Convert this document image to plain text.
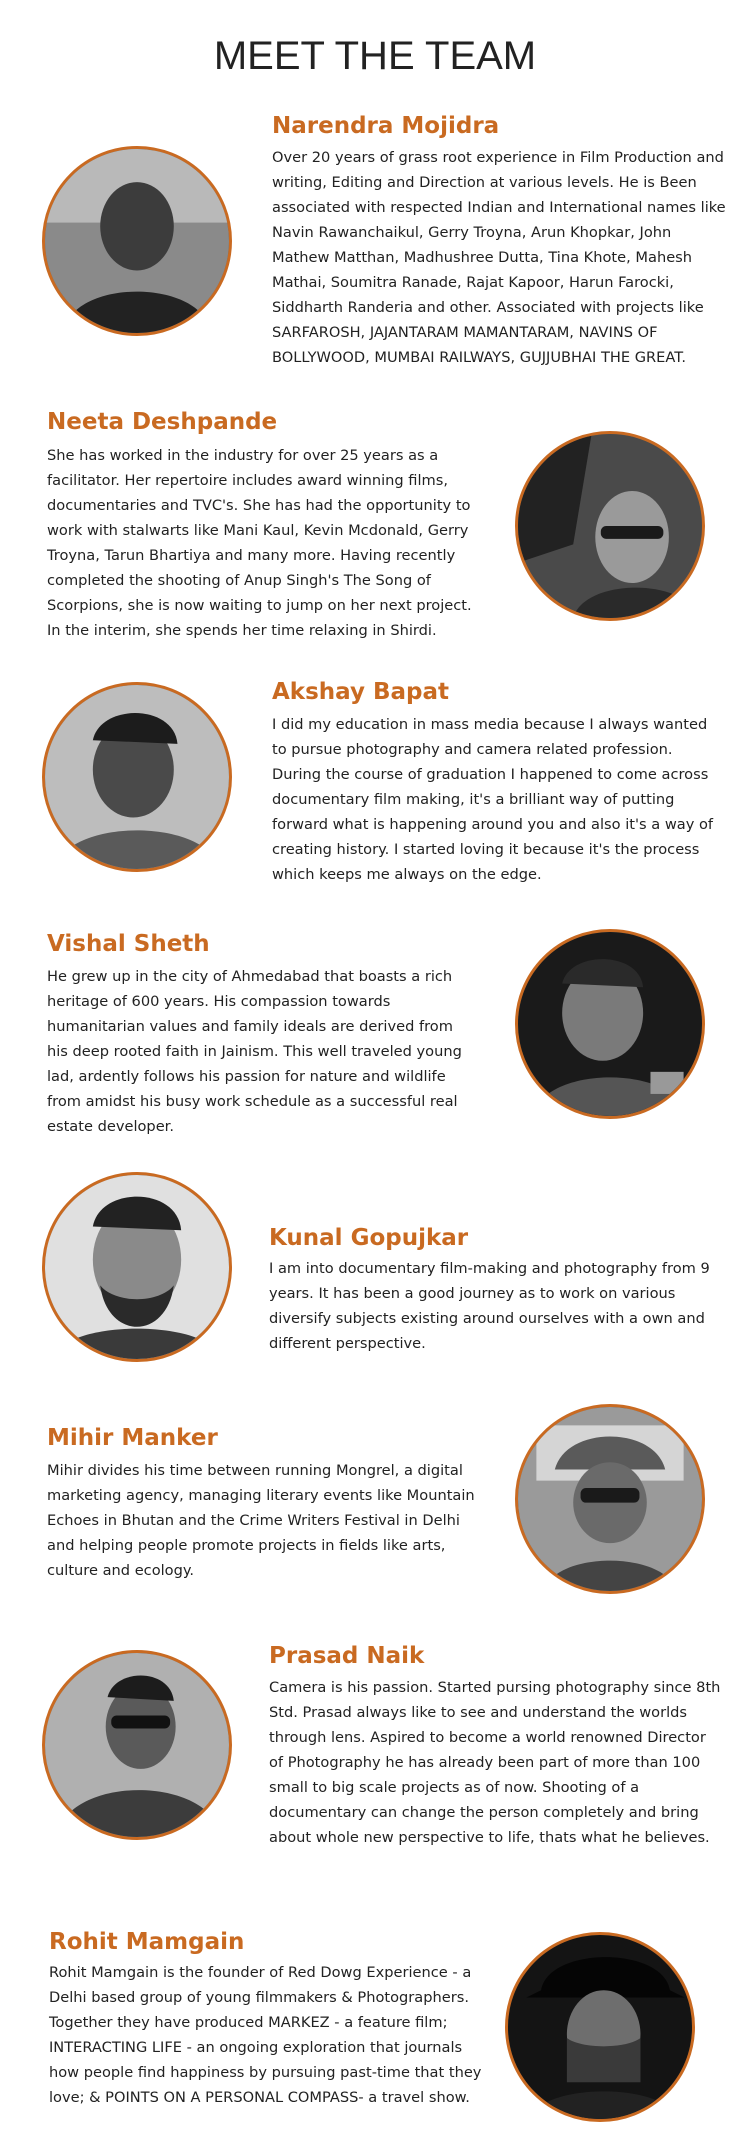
MEET THE TEAM
Narendra Mojidra

Over 20 years of grass root experience in Film Production and writing, Editing and Direction at various levels. He is Been associated with respected Indian and International names like Navin Rawanchaikul, Gerry Troyna, Arun Khopkar, John Mathew Matthan, Madhushree Dutta, Tina Khote, Mahesh Mathai, Soumitra Ranade, Rajat Kapoor, Harun Farocki, Siddharth Randeria and other. Associated with projects like SARFAROSH, JAJANTARAM MAMANTARAM, NAVINS OF BOLLYWOOD, MUMBAI RAILWAYS, GUJJUBHAI THE GREAT.

Neeta Deshpande

She has worked in the industry for over 25 years as a facilitator. Her repertoire includes award winning films, documentaries and TVC's. She has had the opportunity to work with stalwarts like Mani Kaul, Kevin Mcdonald, Gerry Troyna, Tarun Bhartiya and many more. Having recently completed the shooting of Anup Singh's The Song of Scorpions, she is now waiting to jump on her next project. In the interim, she spends her time relaxing in Shirdi.

Akshay Bapat

I did my education in mass media because I always wanted to pursue photography and camera related profession. During the course of graduation I happened to come across documentary film making, it's a brilliant way of putting forward what is happening around you and also it's a way of creating history. I started loving it because it's the process which keeps me always on the edge.

Vishal Sheth

He grew up in the city of Ahmedabad that boasts a rich heritage of 600 years. His compassion towards humanitarian values and family ideals are derived from his deep rooted faith in Jainism. This well traveled young lad, ardently follows his passion for nature and wildlife from amidst his busy work schedule as a successful real estate developer.

Kunal Gopujkar

I am into documentary film-making and photography from 9 years. It has been a good journey as to work on various diversify subjects existing around ourselves with a own and different perspective.

Mihir Manker

Mihir divides his time between running Mongrel, a digital marketing agency, managing literary events like Mountain Echoes in Bhutan and the Crime Writers Festival in Delhi and helping people promote projects in fields like arts, culture and ecology.

Prasad Naik

Camera is his passion. Started pursing photography since 8th Std. Prasad always like to see and understand the worlds through lens. Aspired to become a world renowned Director of Photography he has already been part of more than 100 small to big scale projects as of now. Shooting of a documentary can change the person completely and bring about whole new perspective to life, thats what he believes.

Rohit Mamgain

Rohit Mamgain is the founder of Red Dowg Experience - a Delhi based group of young filmmakers & Photographers. Together they have produced MARKEZ - a feature film; INTERACTING LIFE - an ongoing exploration that journals how people find happiness by pursuing past-time that they love; & POINTS ON A PERSONAL COMPASS- a travel show.
